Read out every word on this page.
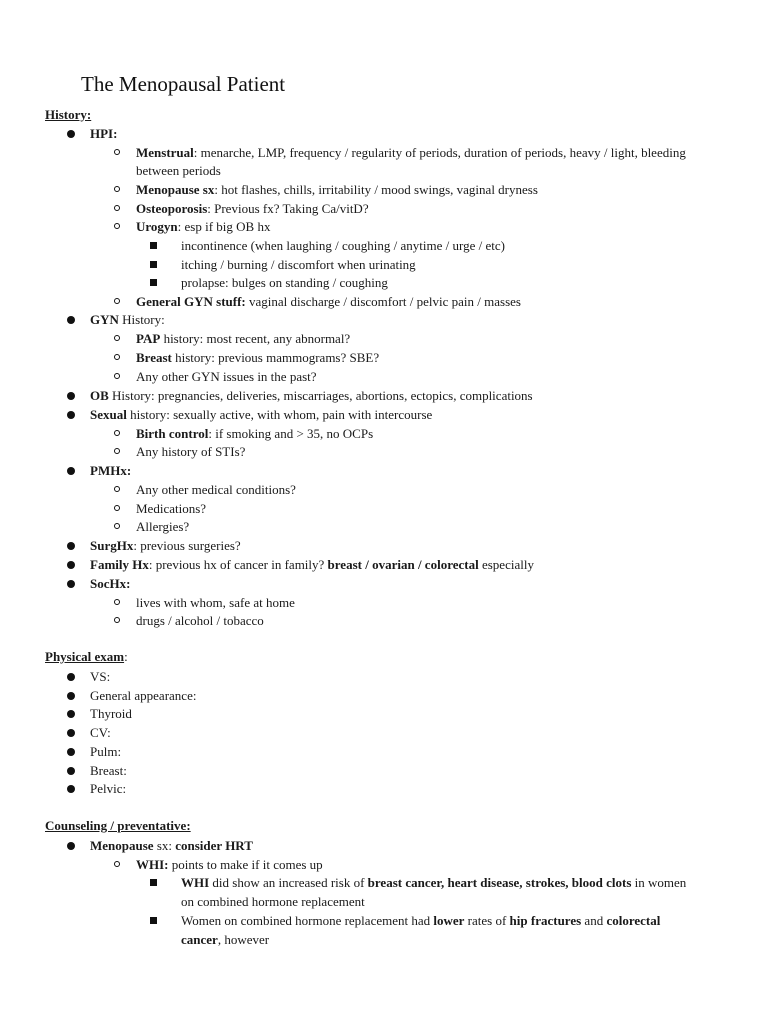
The Menopausal Patient
History:
HPI:
Menstrual: menarche, LMP, frequency / regularity of periods, duration of periods, heavy / light, bleeding
between periods
Menopause sx: hot flashes, chills, irritability / mood swings, vaginal dryness
Osteoporosis: Previous fx? Taking Ca/vitD?
Urogyn: esp if big OB hx
incontinence (when laughing / coughing / anytime / urge / etc)
itching / burning / discomfort when urinating
prolapse: bulges on standing / coughing
General GYN stuff: vaginal discharge / discomfort / pelvic pain / masses
GYN History:
PAP history: most recent, any abnormal?
Breast history: previous mammograms? SBE?
Any other GYN issues in the past?
OB History: pregnancies, deliveries, miscarriages, abortions, ectopics, complications
Sexual history: sexually active, with whom, pain with intercourse
Birth control: if smoking and > 35, no OCPs
Any history of STIs?
PMHx:
Any other medical conditions?
Medications?
Allergies?
SurgHx: previous surgeries?
Family Hx: previous hx of cancer in family? breast / ovarian / colorectal especially
SocHx:
lives with whom, safe at home
drugs / alcohol / tobacco
Physical exam:
VS:
General appearance:
Thyroid
CV:
Pulm:
Breast:
Pelvic:
Counseling / preventative:
Menopause sx: consider HRT
WHI: points to make if it comes up
WHI did show an increased risk of breast cancer, heart disease, strokes, blood clots in women
on combined hormone replacement
Women on combined hormone replacement had lower rates of hip fractures and colorectal
cancer, however
